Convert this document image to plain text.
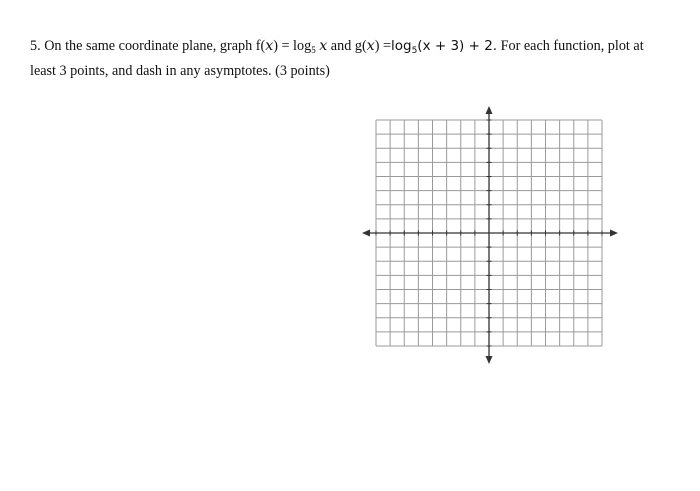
5. On the same coordinate plane, graph $f(x) = \log_5 x$ and $g(x) =\log_5(x + 3) + 2$. For each function, plot at
least 3 points, and dash in any asymptotes. (3 points)
